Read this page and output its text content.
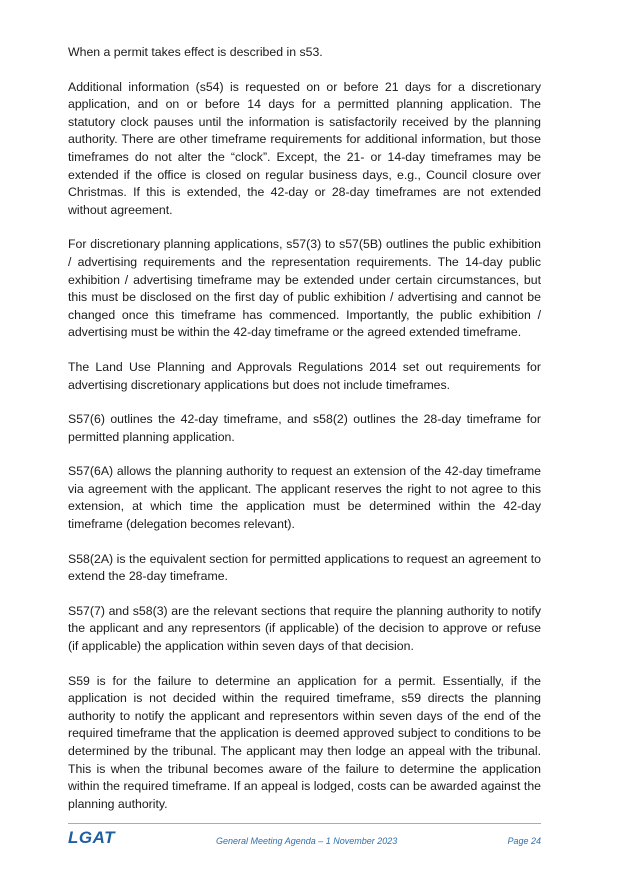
When a permit takes effect is described in s53.

Additional information (s54) is requested on or before 21 days for a discretionary application, and on or before 14 days for a permitted planning application. The statutory clock pauses until the information is satisfactorily received by the planning authority. There are other timeframe requirements for additional information, but those timeframes do not alter the “clock”. Except, the 21- or 14-day timeframes may be extended if the office is closed on regular business days, e.g., Council closure over Christmas. If this is extended, the 42-day or 28-day timeframes are not extended without agreement.

For discretionary planning applications, s57(3) to s57(5B) outlines the public exhibition / advertising requirements and the representation requirements. The 14-day public exhibition / advertising timeframe may be extended under certain circumstances, but this must be disclosed on the first day of public exhibition / advertising and cannot be changed once this timeframe has commenced. Importantly, the public exhibition / advertising must be within the 42-day timeframe or the agreed extended timeframe.

The Land Use Planning and Approvals Regulations 2014 set out requirements for advertising discretionary applications but does not include timeframes.

S57(6) outlines the 42-day timeframe, and s58(2) outlines the 28-day timeframe for permitted planning application.

S57(6A) allows the planning authority to request an extension of the 42-day timeframe via agreement with the applicant. The applicant reserves the right to not agree to this extension, at which time the application must be determined within the 42-day timeframe (delegation becomes relevant).

S58(2A) is the equivalent section for permitted applications to request an agreement to extend the 28-day timeframe.

S57(7) and s58(3) are the relevant sections that require the planning authority to notify the applicant and any representors (if applicable) of the decision to approve or refuse (if applicable) the application within seven days of that decision.

S59 is for the failure to determine an application for a permit. Essentially, if the application is not decided within the required timeframe, s59 directs the planning authority to notify the applicant and representors within seven days of the end of the required timeframe that the application is deemed approved subject to conditions to be determined by the tribunal. The applicant may then lodge an appeal with the tribunal. This is when the tribunal becomes aware of the failure to determine the application within the required timeframe. If an appeal is lodged, costs can be awarded against the planning authority.

LGAT	General Meeting Agenda – 1 November 2023	Page 24
